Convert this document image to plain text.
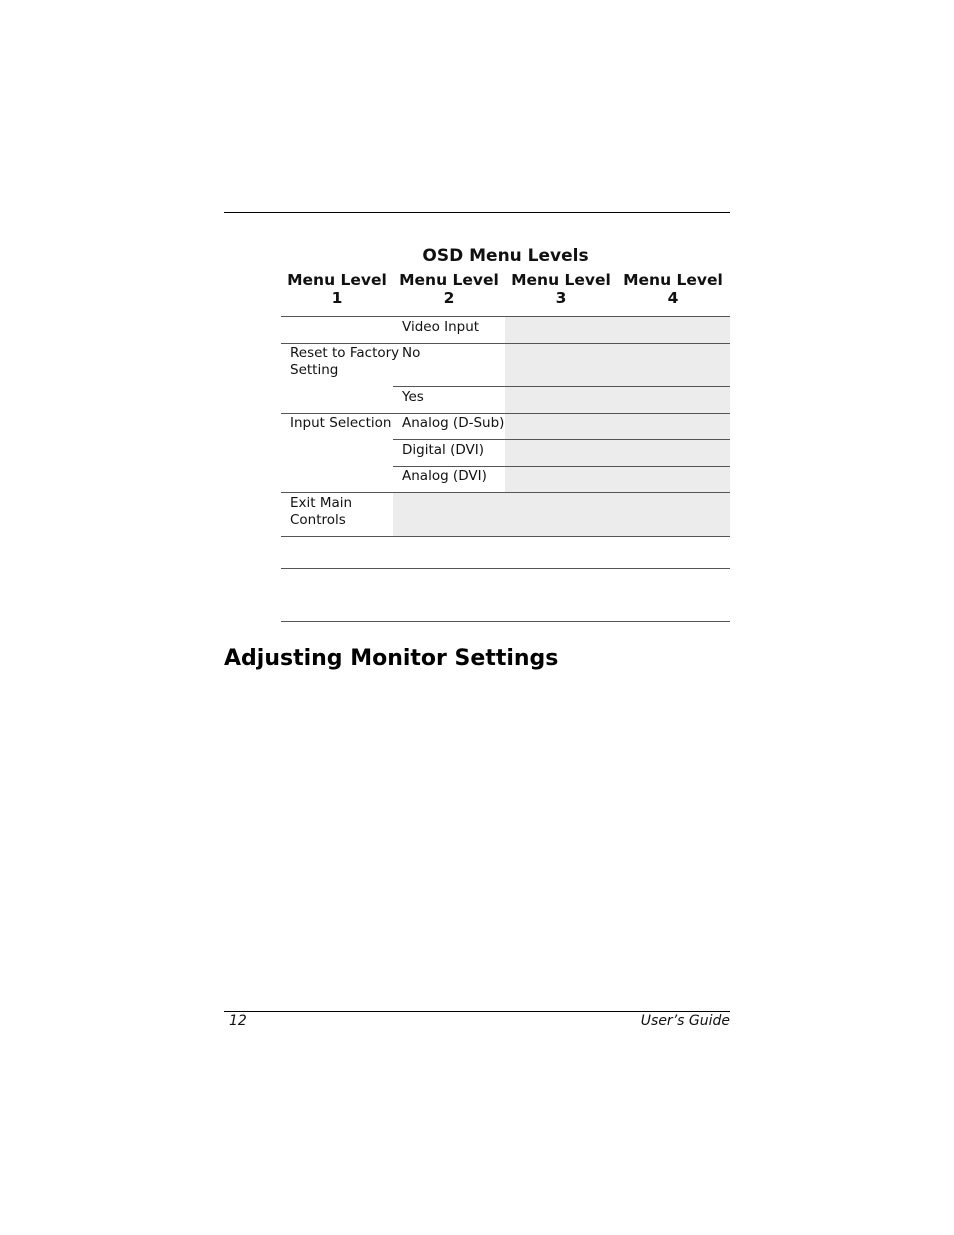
OSD Menu Levels
Menu Level
1
Menu Level
2
Menu Level
3
Menu Level
4
Video Input
Reset to Factory
Setting
No
Yes
Input Selection Analog (D-Sub)
Digital (DVI)
Analog (DVI)
Exit Main
Controls
Adjusting Monitor Settings
12	User’s Guide
